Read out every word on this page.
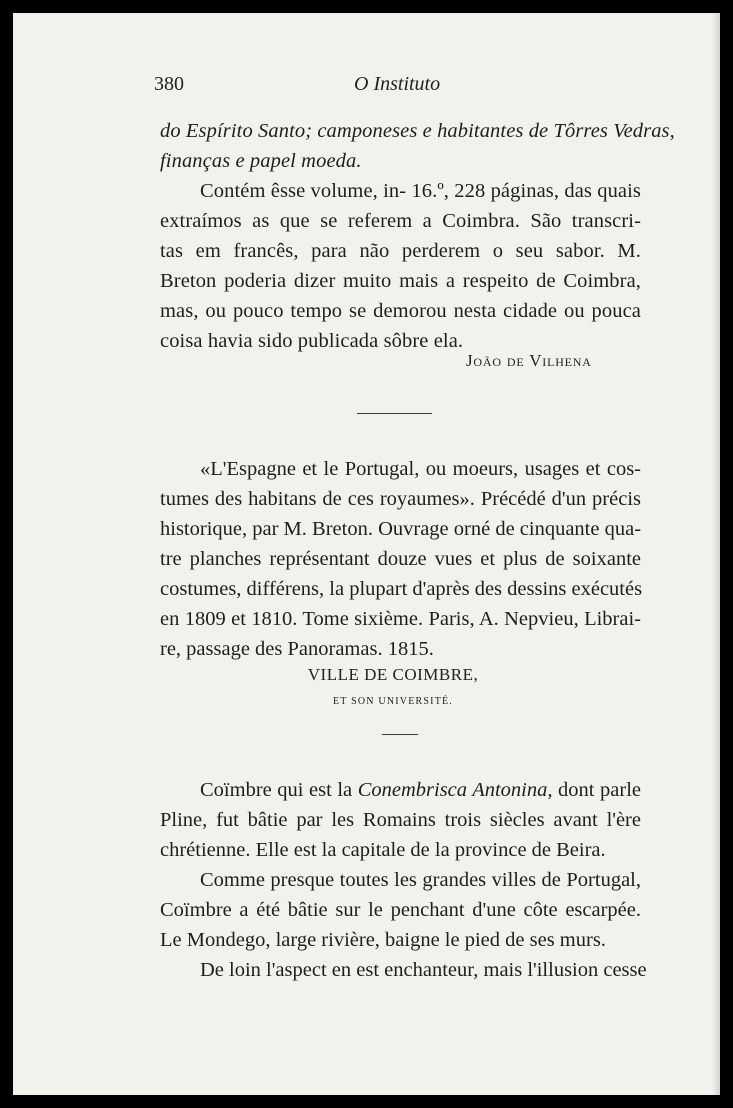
380	O Instituto
do Espírito Santo; camponeses e habitantes de Tôrres Vedras,
finanças e papel moeda.
Contém êsse volume, in- 16.º, 228 páginas, das quais
extraímos as que se referem a Coimbra. São transcri-
tas em francês, para não perderem o seu sabor. M.
Breton poderia dizer muito mais a respeito de Coimbra,
mas, ou pouco tempo se demorou nesta cidade ou pouca
coisa havia sido publicada sôbre ela.
João de Vilhena
«L'Espagne et le Portugal, ou moeurs, usages et cos-
tumes des habitans de ces royaumes». Précédé d'un précis
historique, par M. Breton. Ouvrage orné de cinquante qua-
tre planches représentant douze vues et plus de soixante
costumes, différens, la plupart d'après des dessins exécutés
en 1809 et 1810. Tome sixième. Paris, A. Nepvieu, Librai-
re, passage des Panoramas. 1815.
VILLE DE COIMBRE,
ET SON UNIVERSITÉ.
Coïmbre qui est la Conembrisca Antonina, dont parle
Pline, fut bâtie par les Romains trois siècles avant l'ère
chrétienne. Elle est la capitale de la province de Beira.
Comme presque toutes les grandes villes de Portugal,
Coïmbre a été bâtie sur le penchant d'une côte escarpée.
Le Mondego, large rivière, baigne le pied de ses murs.
De loin l'aspect en est enchanteur, mais l'illusion cesse
